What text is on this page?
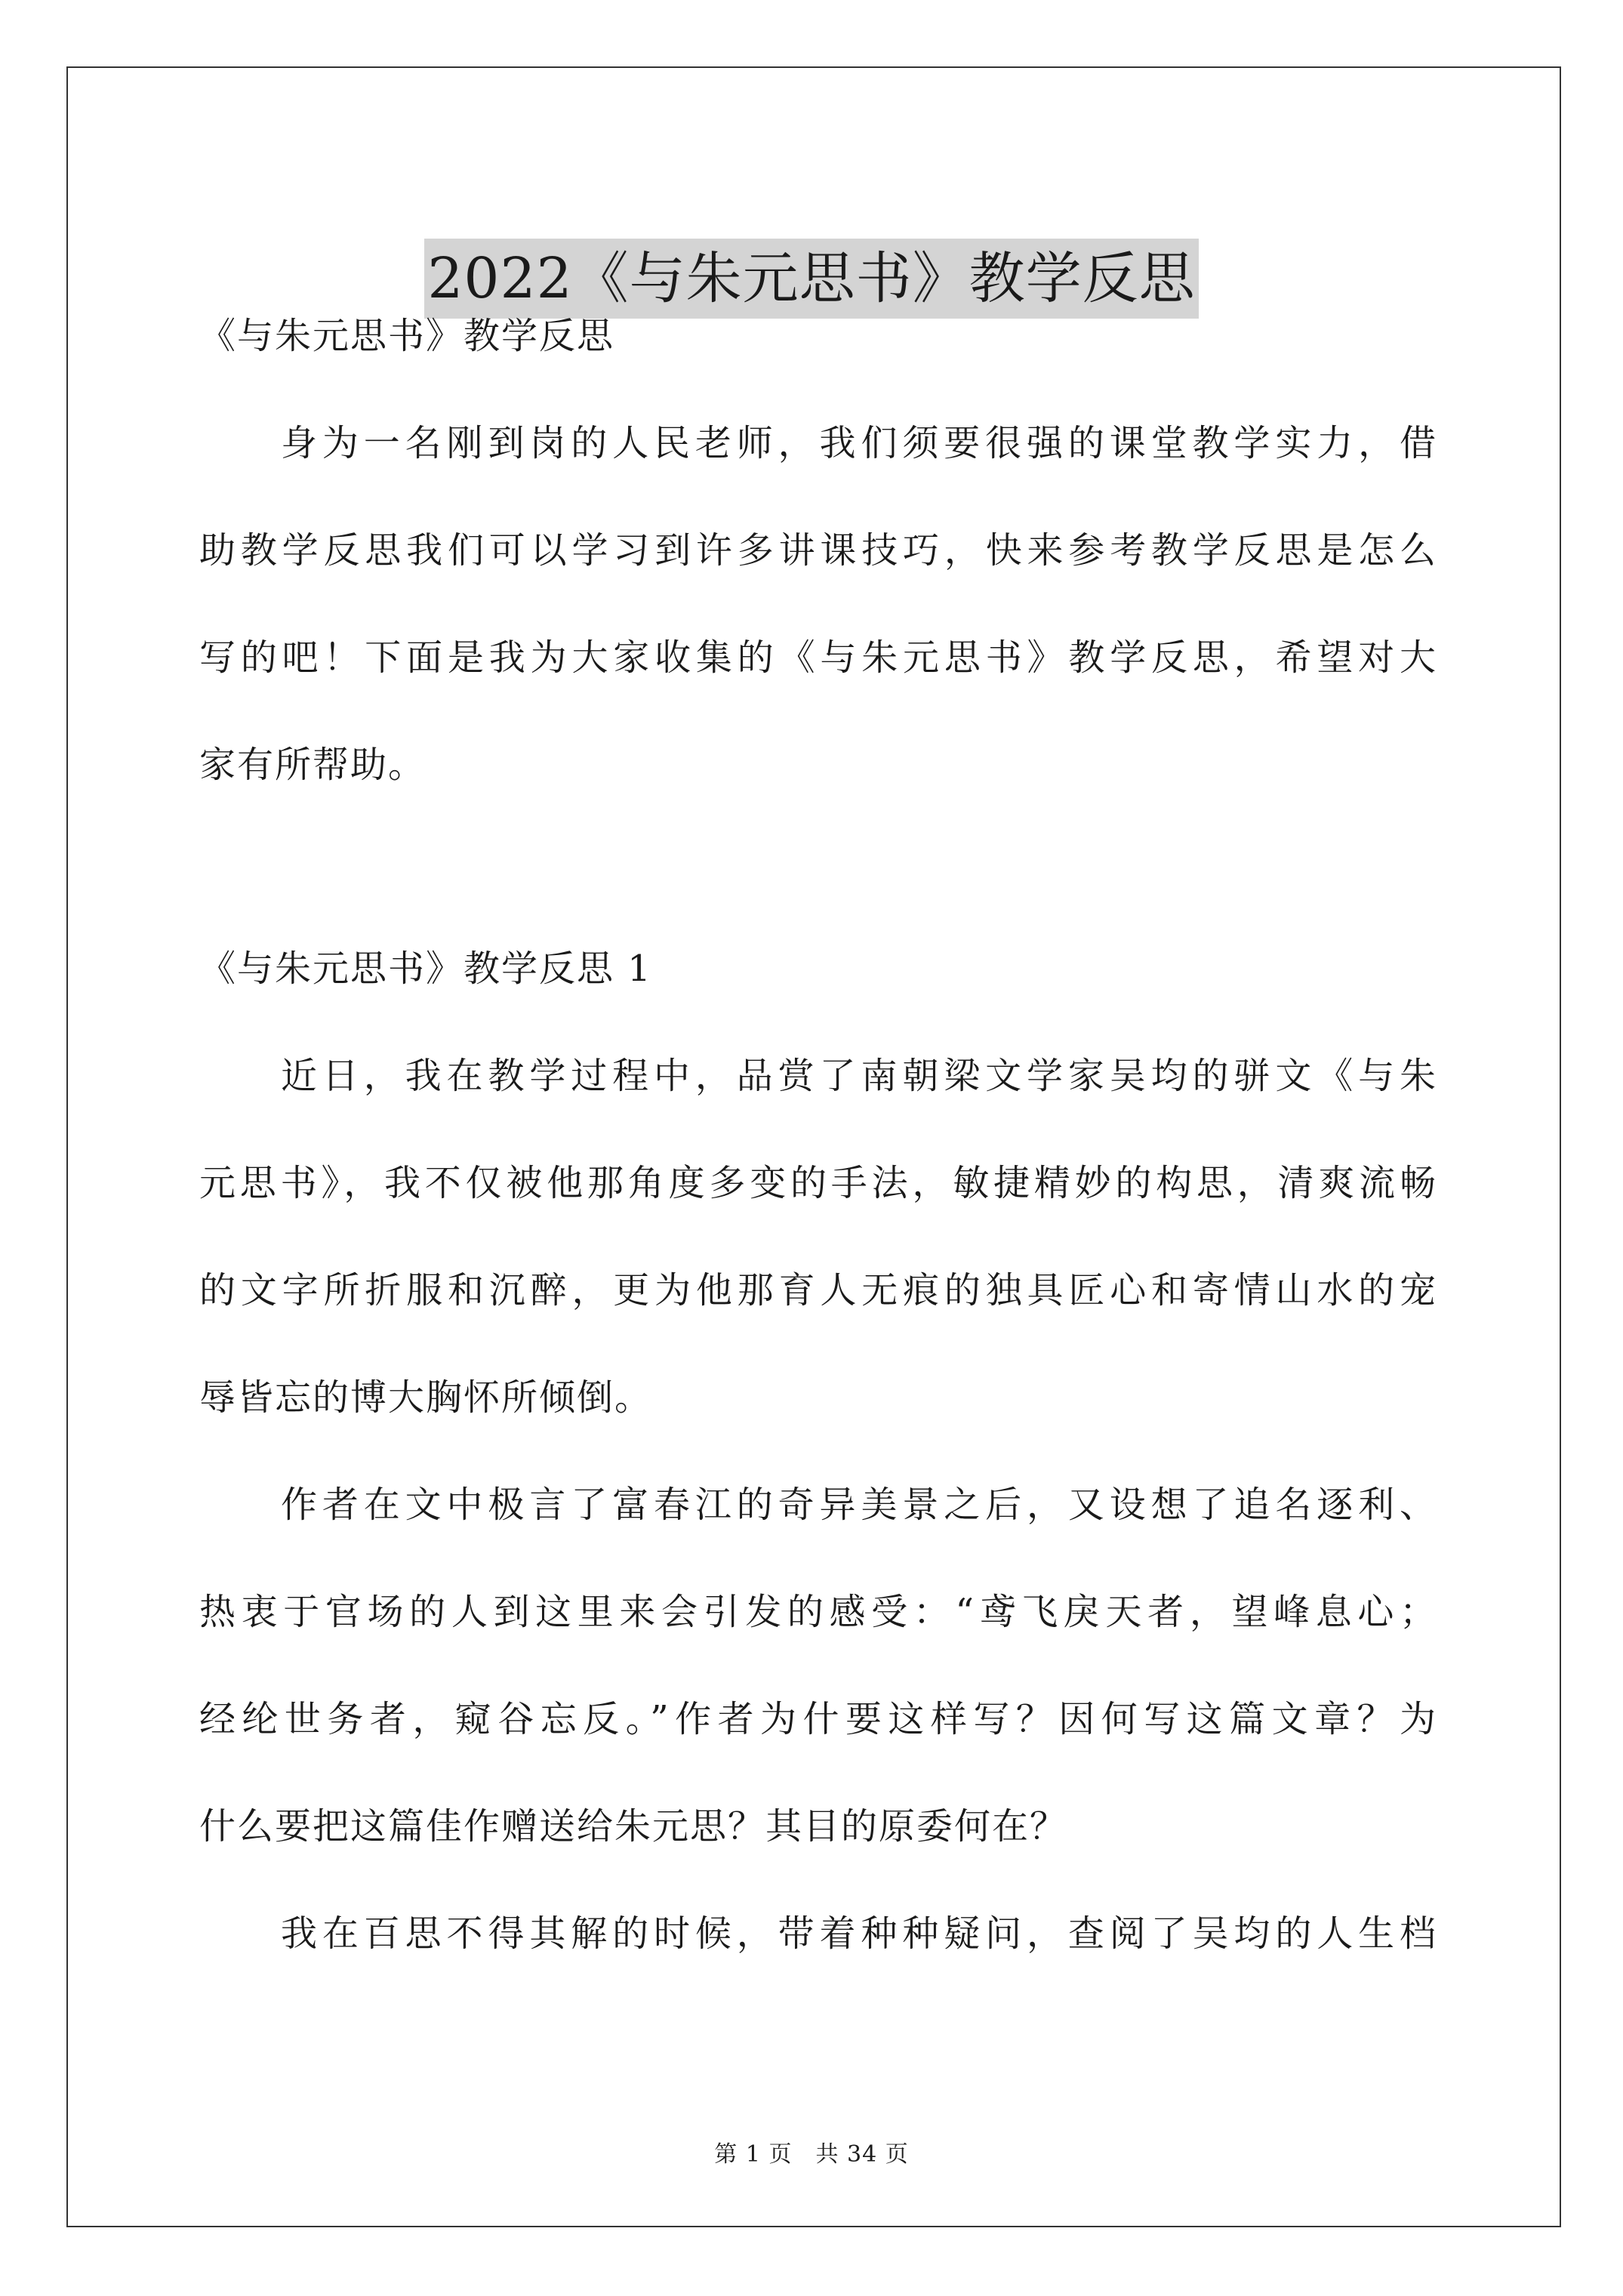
2022《与朱元思书》教学反思
《与朱元思书》教学反思
身为一名刚到岗的人民老师，我们须要很强的课堂教学实力，借
助教学反思我们可以学习到许多讲课技巧，快来参考教学反思是怎么
写的吧！下面是我为大家收集的《与朱元思书》教学反思，希望对大
家有所帮助。
《与朱元思书》教学反思 1
近日，我在教学过程中，品赏了南朝梁文学家吴均的骈文《与朱
元思书》，我不仅被他那角度多变的手法，敏捷精妙的构思，清爽流畅
的文字所折服和沉醉，更为他那育人无痕的独具匠心和寄情山水的宠
辱皆忘的博大胸怀所倾倒。
作者在文中极言了富春江的奇异美景之后，又设想了追名逐利、
热衷于官场的人到这里来会引发的感受：“鸢飞戾天者，望峰息心；
经纶世务者，窥谷忘反。”作者为什要这样写？因何写这篇文章？为
什么要把这篇佳作赠送给朱元思？其目的原委何在？
我在百思不得其解的时候，带着种种疑问，查阅了吴均的人生档
第 1 页　共 34 页
